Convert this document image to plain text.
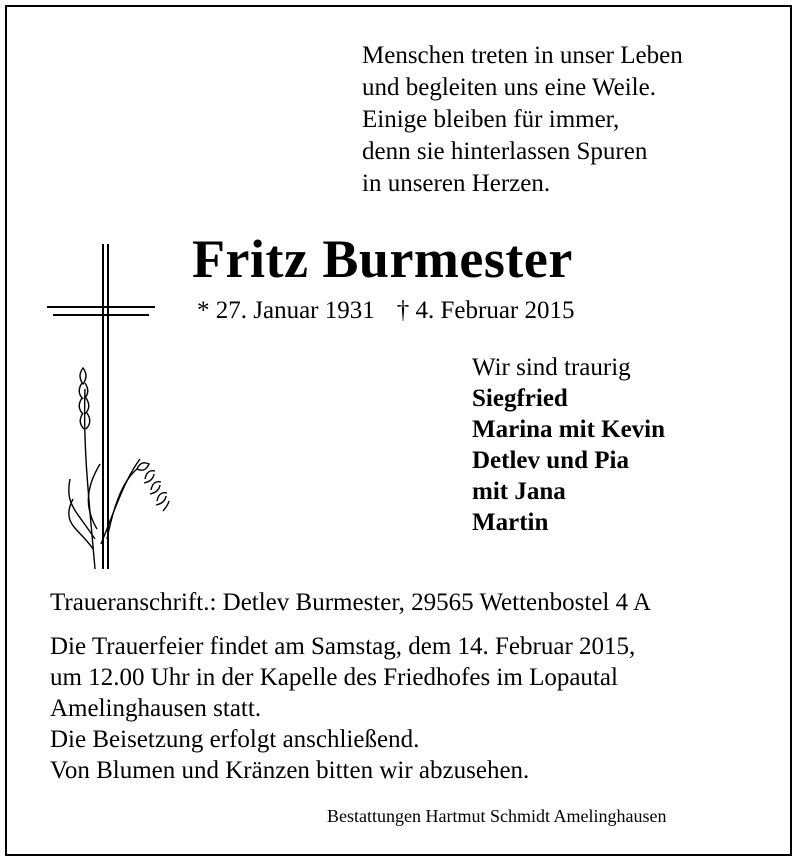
Menschen treten in unser Leben
und begleiten uns eine Weile.
Einige bleiben für immer,
denn sie hinterlassen Spuren
in unseren Herzen.
Fritz Burmester
* 27. Januar 1931 † 4. Februar 2015
Wir sind traurig
Siegfried
Marina mit Kevin
Detlev und Pia
mit Jana
Martin
Traueranschrift.: Detlev Burmester, 29565 Wettenbostel 4 A
Die Trauerfeier findet am Samstag, dem 14. Februar 2015,
um 12.00 Uhr in der Kapelle des Friedhofes im Lopautal
Amelinghausen statt.
Die Beisetzung erfolgt anschließend.
Von Blumen und Kränzen bitten wir abzusehen.
Bestattungen Hartmut Schmidt Amelinghausen
